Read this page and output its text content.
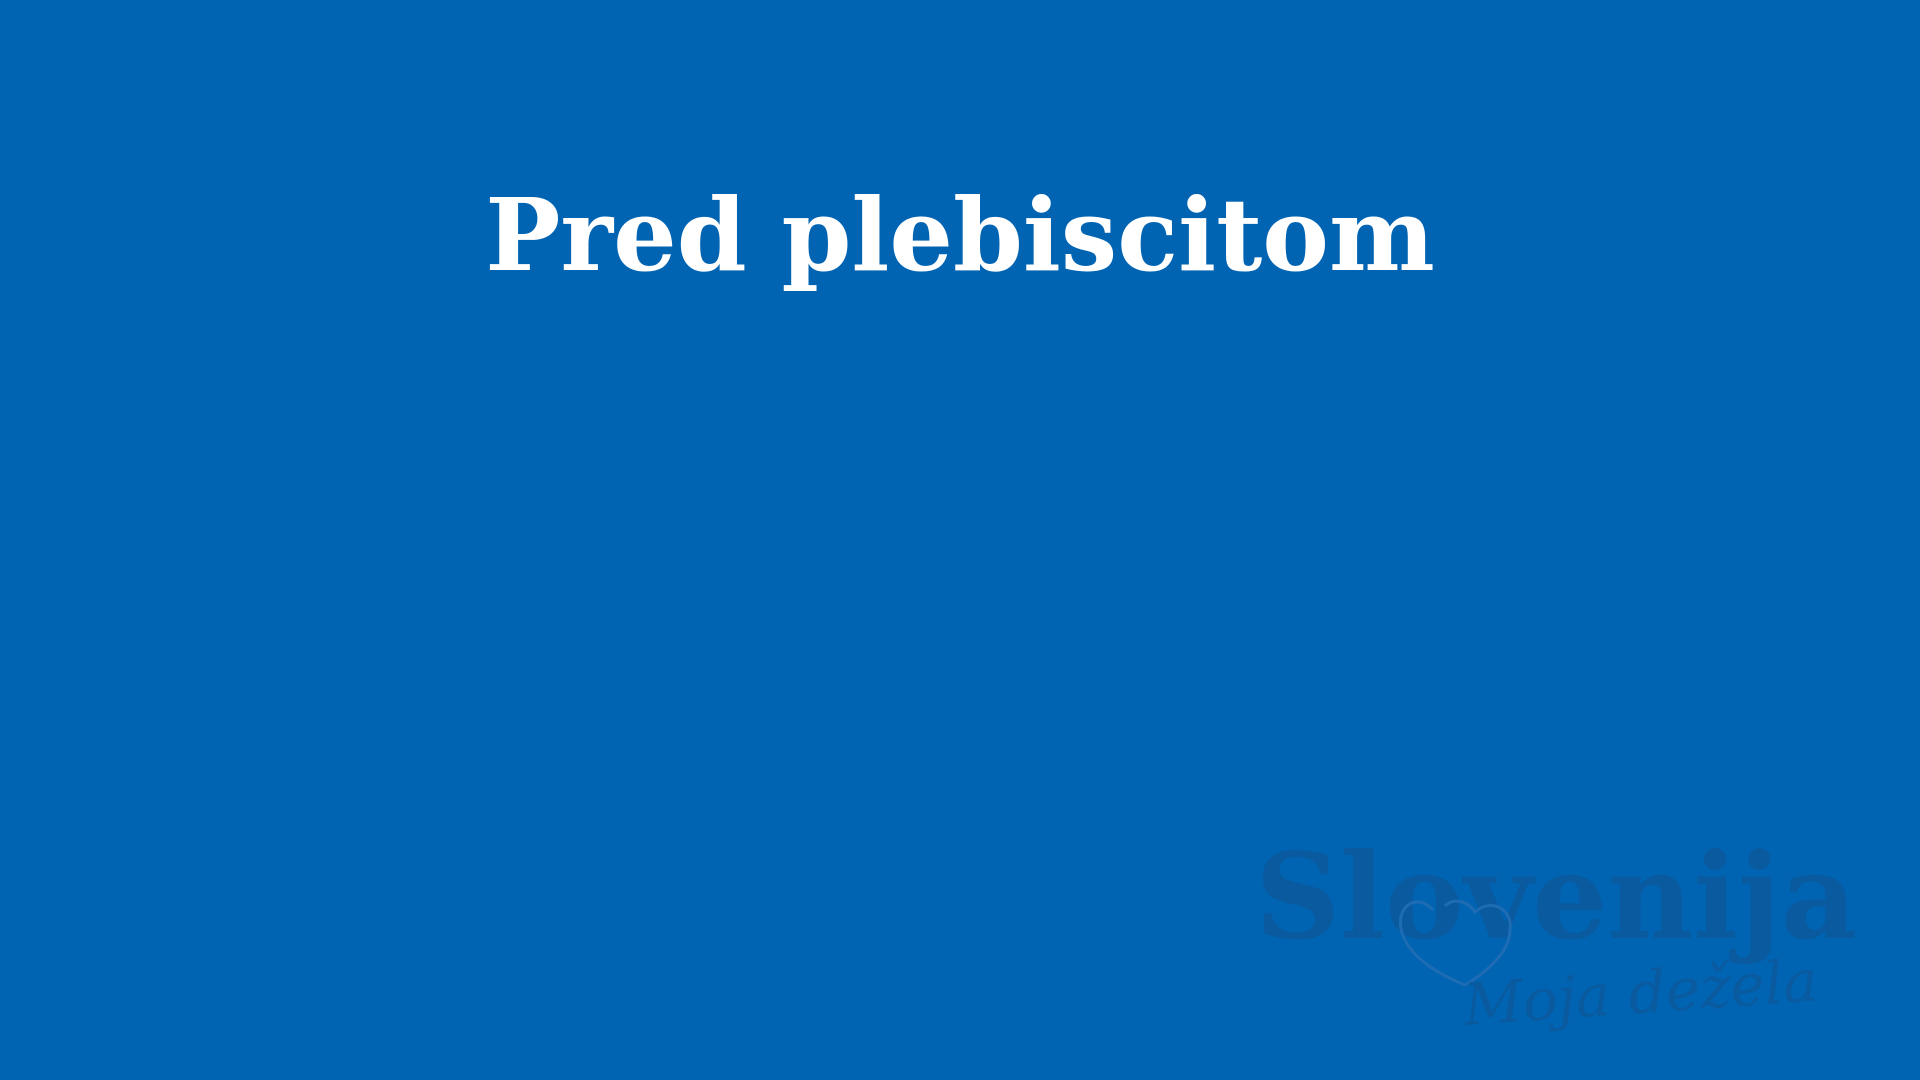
Pred plebiscitom
Slovenija
Moja dežela
